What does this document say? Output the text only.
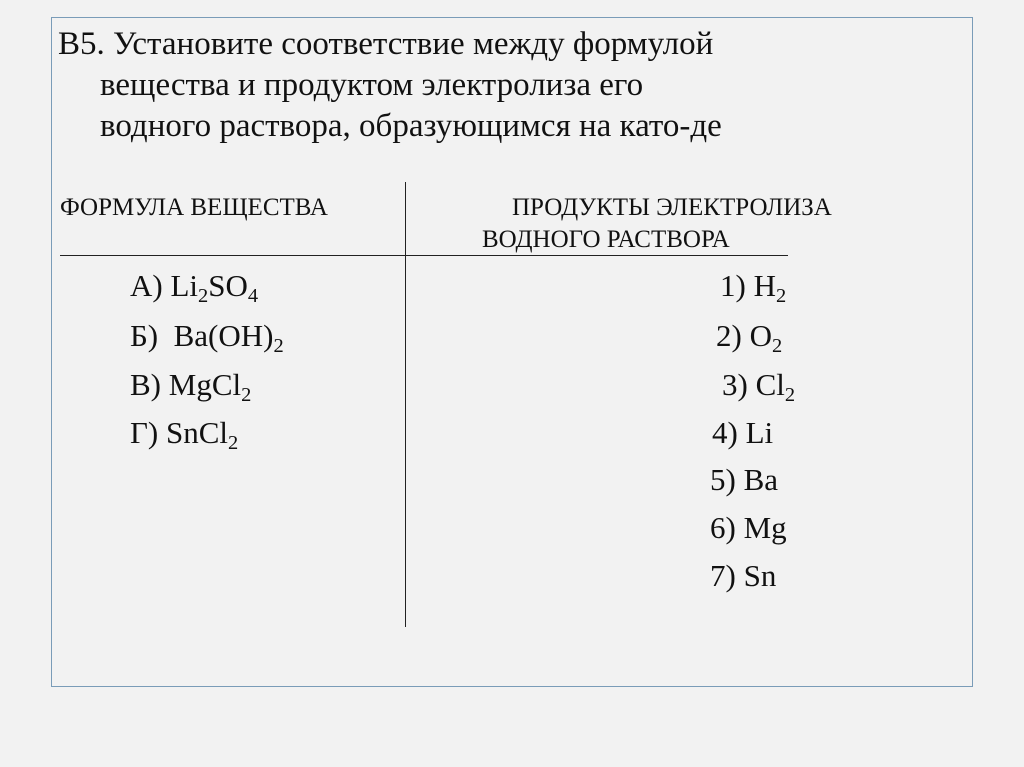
В5. Установите соответствие между формулой
вещества и продуктом электролиза его
водного раствора, образующимся на като-де
ФОРМУЛА ВЕЩЕСТВА	ПРОДУКТЫ ЭЛЕКТРОЛИЗА
ВОДНОГО РАСТВОРА
А) $Li_2SO_4$
Б)  $Ba(OH)_2$
В) MgCl$_2$
Г) SnCl$_2$
1) $H_2$
2) $O_2$
3) $Cl_2$
4) Li
5) Ba
6) Mg
7) Sn
